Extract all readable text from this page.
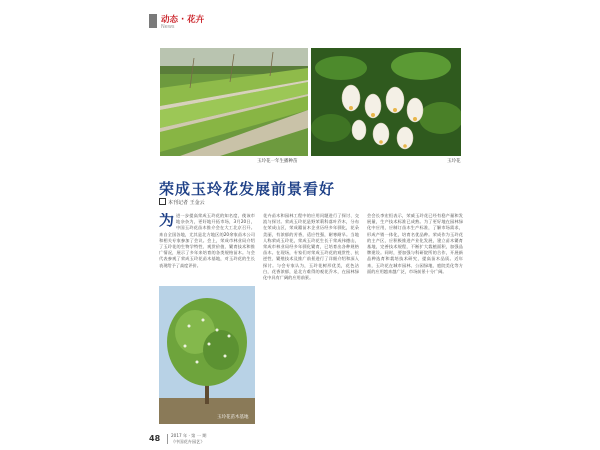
动态 · 花卉
News
玉玲花一年生播种苗	玉玲花
荣成玉玲花发展前景看好
本刊记者 王金云
为 进一步提高荣成玉玲花的知名度，使该市地杂杂为，更好地开拓市场，3月20日，中国玉玲花苗木推介会在大工北京召开。来自全国各地，尤其是北方地区的20余家苗木公司和相关专家参加了会议。会上，荣成市林业局介绍了玉玲花的生物学特性、观赏价值、繁育技术和推广情况，展示了多年来培育的各类规格苗木。与会代表参观了荣成玉玲花苗木基地，对玉玲花的生长表现给予了高度评价。
玉玲花苗木基地
花卉苗木和园林工程中的应用问题进行了探讨、交流与探讨。荣成玉玲花是野茉莉科落叶乔木，分布在荣成山区，荣成籍苗木企业历经多年驯化，花朵美丽，有浓郁的芳香，适应性强，耐寒耐旱。当地人称荣成玉玲花，荣成玉玲花生长于荣成伟德山，荣成市林业局经多年驯化繁育，已培育出各种规格苗木。在现场，专家们对荣成玉玲花的观赏性、抗逆性、繁殖技术及推广前景进行了详细介绍和深入探讨。与会专家认为，玉玲花树形优美，花色洁白，花香浓郁，是北方难得的观花乔木，在园林绿化中具有广阔的应用前景。
会会长李宏恒表示，荣威玉玲花已经有稳产量和发展量，生产技术标准已成熟。为了更好地在园林绿化中应用，应制订苗木生产标准，了解市场需求，形成产销一体化，培育名优品种。荣成作为玉玲花的主产区，应积极推进产业化发展，建立苗木繁育基地，完善技术规程，不断扩大栽植面积，加强品牌建设。同时，要加强与科研院所的合作，开展新品种选育和栽培技术研究，提高苗木品质。近年来，玉玲花在城市园林、公园绿地、庭院美化等方面的应用越来越广泛，市场前景十分广阔。
48	2017 年 · 第 一 期
《中国花卉园艺》
